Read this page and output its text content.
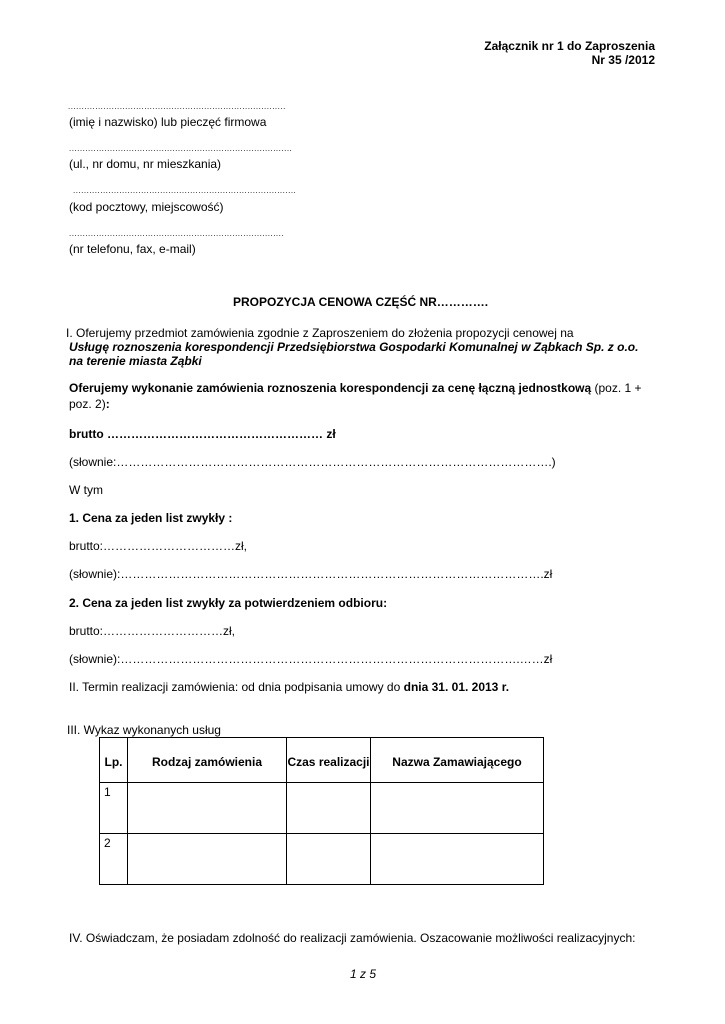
Załącznik nr 1 do Zaproszenia
Nr 35 /2012
................................................................................
(imię i nazwisko) lub pieczęć firmowa
..................................................................................
(ul., nr domu, nr mieszkania)
..................................................................................
(kod pocztowy, miejscowość)
...............................................................................
(nr telefonu, fax, e-mail)
PROPOZYCJA CENOWA CZĘŚĆ NR………….
I. Oferujemy przedmiot zamówienia zgodnie z Zaproszeniem do złożenia propozycji cenowej na
Usługę roznoszenia korespondencji Przedsiębiorstwa Gospodarki Komunalnej w Ząbkach Sp. z o.o.
na terenie miasta Ząbki
Oferujemy wykonanie zamówienia roznoszenia korespondencji za cenę łączną jednostkową (poz. 1 +
poz. 2):
brutto ……………………………………………… zł
(słownie:……………………………………………………………………………………………….)
W tym
1. Cena za jeden list zwykły :
brutto:……………………………zł,
(słownie):…………………………………………………………………………………………….zł
2. Cena za jeden list zwykły za potwierdzeniem odbioru:
brutto:…………………………zł,
(słownie):……………………………………………………………………………………….……zł
II. Termin realizacji zamówienia: od dnia podpisania umowy do dnia 31. 01. 2013 r.
III. Wykaz wykonanych usług
Lp.	Rodzaj zamówienia	Czas realizacji	Nazwa Zamawiającego
1			
2			
IV. Oświadczam, że posiadam zdolność do realizacji zamówienia. Oszacowanie możliwości realizacyjnych:
1 z 5
